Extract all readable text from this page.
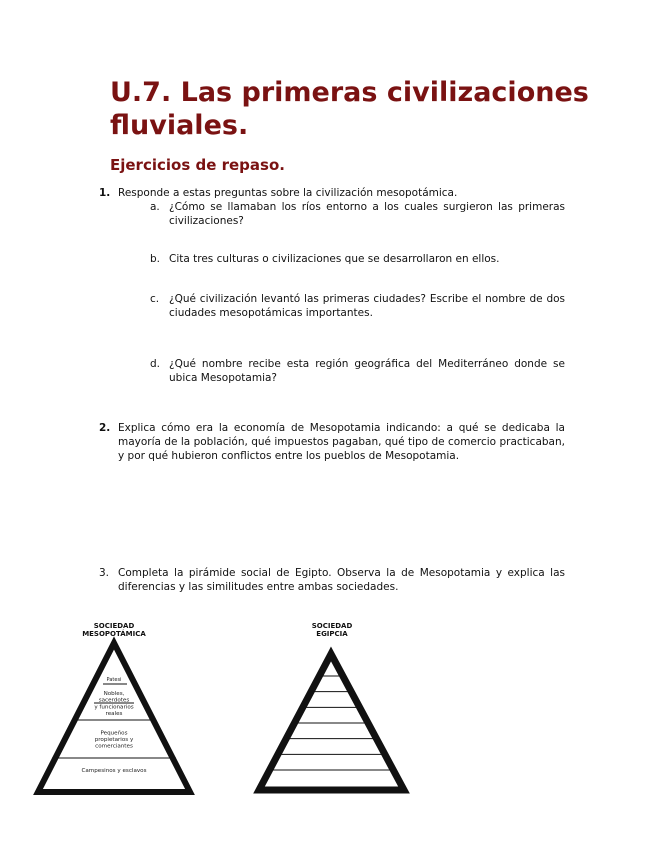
U.7. Las primeras civilizaciones fluviales.
Ejercicios de repaso.
1. Responde a estas preguntas sobre la civilización mesopotámica.
a. ¿Cómo se llamaban los ríos entorno a los cuales surgieron las primeras civilizaciones?
b. Cita tres culturas o civilizaciones que se desarrollaron en ellos.
c. ¿Qué civilización levantó las primeras ciudades? Escribe el nombre de dos ciudades mesopotámicas importantes.
d. ¿Qué nombre recibe esta región geográfica del Mediterráneo donde se ubica Mesopotamia?
2. Explica cómo era la economía de Mesopotamia indicando: a qué se dedicaba la mayoría de la población, qué impuestos pagaban, qué tipo de comercio practicaban, y por qué hubieron conflictos entre los pueblos de Mesopotamia.
3. Completa la pirámide social de Egipto. Observa la de Mesopotamia y explica las diferencias y las similitudes entre ambas sociedades.
SOCIEDAD
MESOPOTÁMICA
SOCIEDAD
EGIPCIA
Patesi
Nobles,
sacerdotes
y funcionarios
reales
Pequeños
propietarios y
comerciantes
Campesinos y esclavos
